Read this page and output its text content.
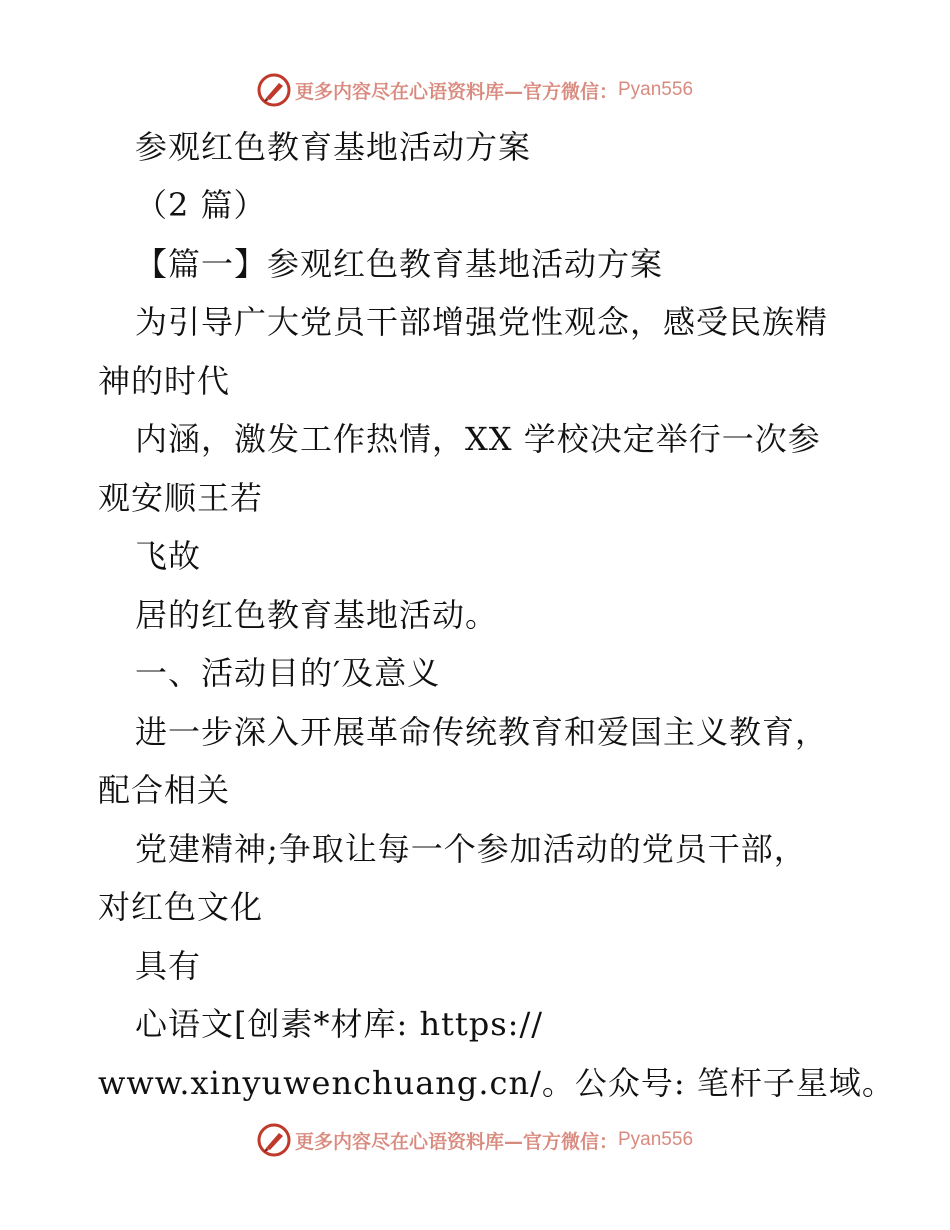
更多内容尽在心语资料库—官方微信： Pyan556
参观红色教育基地活动方案
（2 篇）
【篇一】参观红色教育基地活动方案
为引导广大党员干部增强党性观念，感受民族精
神的时代
内涵，激发工作热情，XX 学校决定举行一次参
观安顺王若
飞故
居的红色教育基地活动。
一、活动目的′及意义
进一步深入开展革命传统教育和爱国主义教育，
配合相关
党建精神;争取让每一个参加活动的党员干部，
对红色文化
具有
心语文[创素*材库: https://
www.xinyuwenchuang.cn/。公众号: 笔杆子星域。
更多内容尽在心语资料库—官方微信： Pyan556
